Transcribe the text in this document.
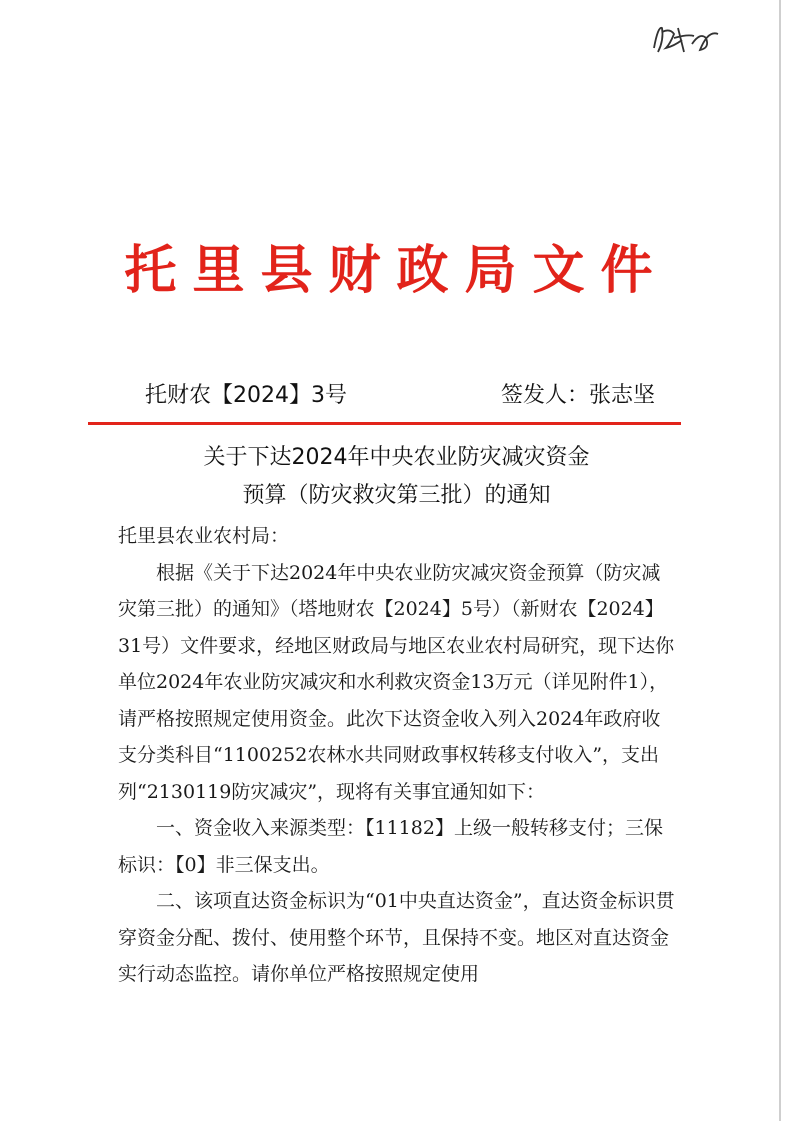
托里县财政局文件
托财农【2024】3号	签发人：张志坚
关于下达2024年中央农业防灾减灾资金
预算（防灾救灾第三批）的通知

托里县农业农村局：

根据《关于下达2024年中央农业防灾减灾资金预算（防灾减灾第三批）的通知》（塔地财农【2024】5号）（新财农【2024】31号）文件要求，经地区财政局与地区农业农村局研究，现下达你单位2024年农业防灾减灾和水利救灾资金13万元（详见附件1），请严格按照规定使用资金。此次下达资金收入列入2024年政府收支分类科目“1100252农林水共同财政事权转移支付收入”，支出列“2130119防灾减灾”，现将有关事宜通知如下：

一、资金收入来源类型：【11182】上级一般转移支付；三保标识：【0】非三保支出。

二、该项直达资金标识为“01中央直达资金”，直达资金标识贯穿资金分配、拨付、使用整个环节，且保持不变。地区对直达资金实行动态监控。请你单位严格按照规定使用
